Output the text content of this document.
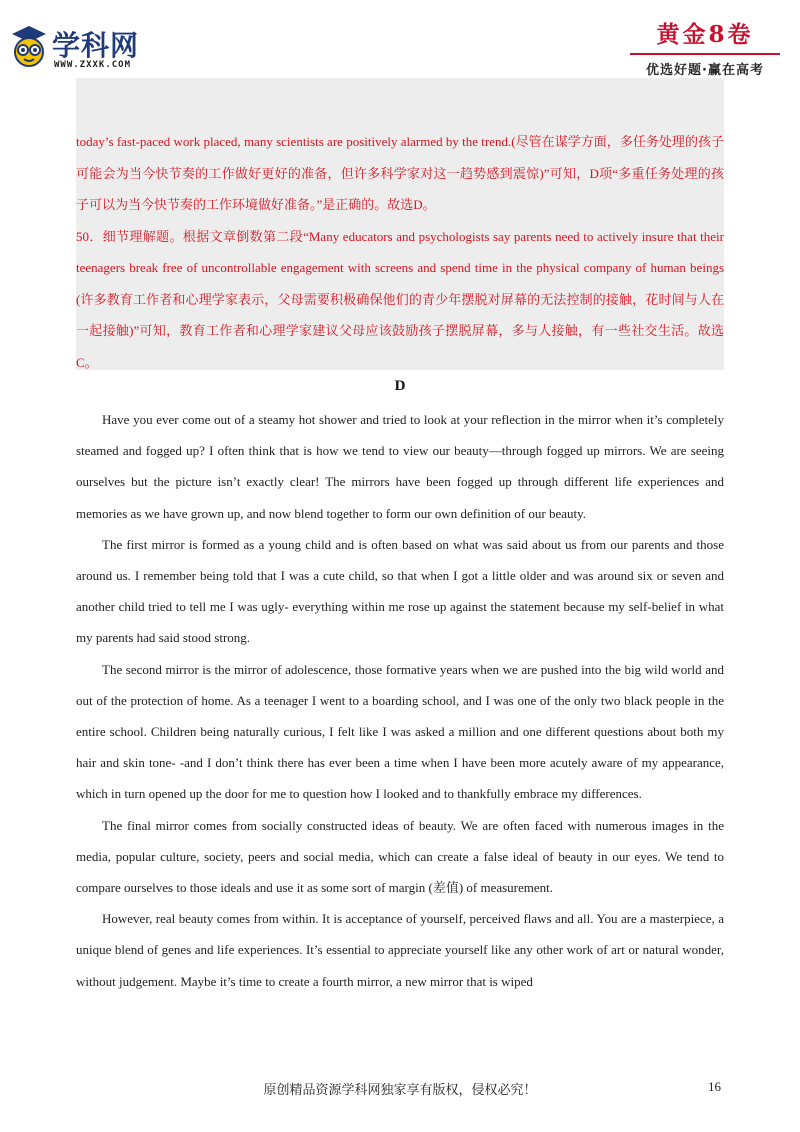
学科网
WWW.ZXXK.COM
黄金8卷
优选好题·赢在高考

today’s fast-paced work placed, many scientists are positively alarmed by the trend.(尽管在谋学方面，多任务处理的孩子可能会为当今快节奏的工作做好更好的准备，但许多科学家对这一趋势感到震惊)”可知，D项“多重任务处理的孩子可以为当今快节奏的工作环境做好准备。”是正确的。故选D。

50．细节理解题。根据文章倒数第二段“Many educators and psychologists say parents need to actively insure that their teenagers break free of uncontrollable engagement with screens and spend time in the physical company of human beings (许多教育工作者和心理学家表示，父母需要积极确保他们的青少年摆脱对屏幕的无法控制的接触，花时间与人在一起接触)”可知，教育工作者和心理学家建议父母应该鼓励孩子摆脱屏幕，多与人接触，有一些社交生活。故选C。

D

Have you ever come out of a steamy hot shower and tried to look at your reflection in the mirror when it’s completely steamed and fogged up? I often think that is how we tend to view our beauty—through fogged up mirrors. We are seeing ourselves but the picture isn’t exactly clear! The mirrors have been fogged up through different life experiences and memories as we have grown up, and now blend together to form our own definition of our beauty.

The first mirror is formed as a young child and is often based on what was said about us from our parents and those around us. I remember being told that I was a cute child, so that when I got a little older and was around six or seven and another child tried to tell me I was ugly- everything within me rose up against the statement because my self-belief in what my parents had said stood strong.

The second mirror is the mirror of adolescence, those formative years when we are pushed into the big wild world and out of the protection of home. As a teenager I went to a boarding school, and I was one of the only two black people in the entire school. Children being naturally curious, I felt like I was asked a million and one different questions about both my hair and skin tone- -and I don’t think there has ever been a time when I have been more acutely aware of my appearance, which in turn opened up the door for me to question how I looked and to thankfully embrace my differences.

The final mirror comes from socially constructed ideas of beauty. We are often faced with numerous images in the media, popular culture, society, peers and social media, which can create a false ideal of beauty in our eyes. We tend to compare ourselves to those ideals and use it as some sort of margin (差值) of measurement.

However, real beauty comes from within. It is acceptance of yourself, perceived flaws and all. You are a masterpiece, a unique blend of genes and life experiences. It’s essential to appreciate yourself like any other work of art or natural wonder, without judgement. Maybe it’s time to create a fourth mirror, a new mirror that is wiped

原创精品资源学科网独家享有版权，侵权必究！	16
